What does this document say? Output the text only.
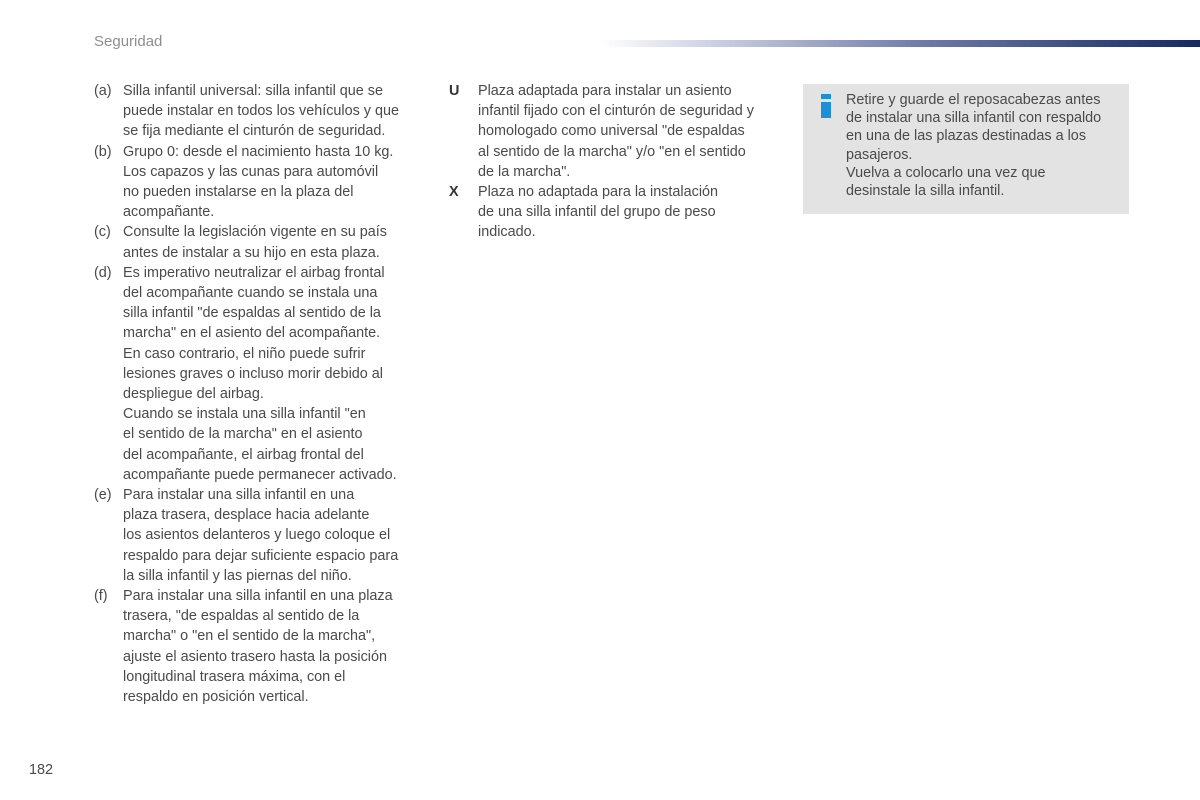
Seguridad
(a) Silla infantil universal: silla infantil que se
puede instalar en todos los vehículos y que
se fija mediante el cinturón de seguridad.
(b) Grupo 0: desde el nacimiento hasta 10 kg.
Los capazos y las cunas para automóvil
no pueden instalarse en la plaza del
acompañante.
(c) Consulte la legislación vigente en su país
antes de instalar a su hijo en esta plaza.
(d) Es imperativo neutralizar el airbag frontal
del acompañante cuando se instala una
silla infantil "de espaldas al sentido de la
marcha" en el asiento del acompañante.
En caso contrario, el niño puede sufrir
lesiones graves o incluso morir debido al
despliegue del airbag.
Cuando se instala una silla infantil "en
el sentido de la marcha" en el asiento
del acompañante, el airbag frontal del
acompañante puede permanecer activado.
(e) Para instalar una silla infantil en una
plaza trasera, desplace hacia adelante
los asientos delanteros y luego coloque el
respaldo para dejar suficiente espacio para
la silla infantil y las piernas del niño.
(f)	Para instalar una silla infantil en una plaza
trasera, "de espaldas al sentido de la
marcha" o "en el sentido de la marcha",
ajuste el asiento trasero hasta la posición
longitudinal trasera máxima, con el
respaldo en posición vertical.
U	Plaza adaptada para instalar un asiento
infantil fijado con el cinturón de seguridad y
homologado como universal "de espaldas
al sentido de la marcha" y/o "en el sentido
de la marcha".
X	Plaza no adaptada para la instalación
de una silla infantil del grupo de peso
indicado.
Retire y guarde el reposacabezas antes
de instalar una silla infantil con respaldo
en una de las plazas destinadas a los
pasajeros.
Vuelva a colocarlo una vez que
desinstale la silla infantil.
182
